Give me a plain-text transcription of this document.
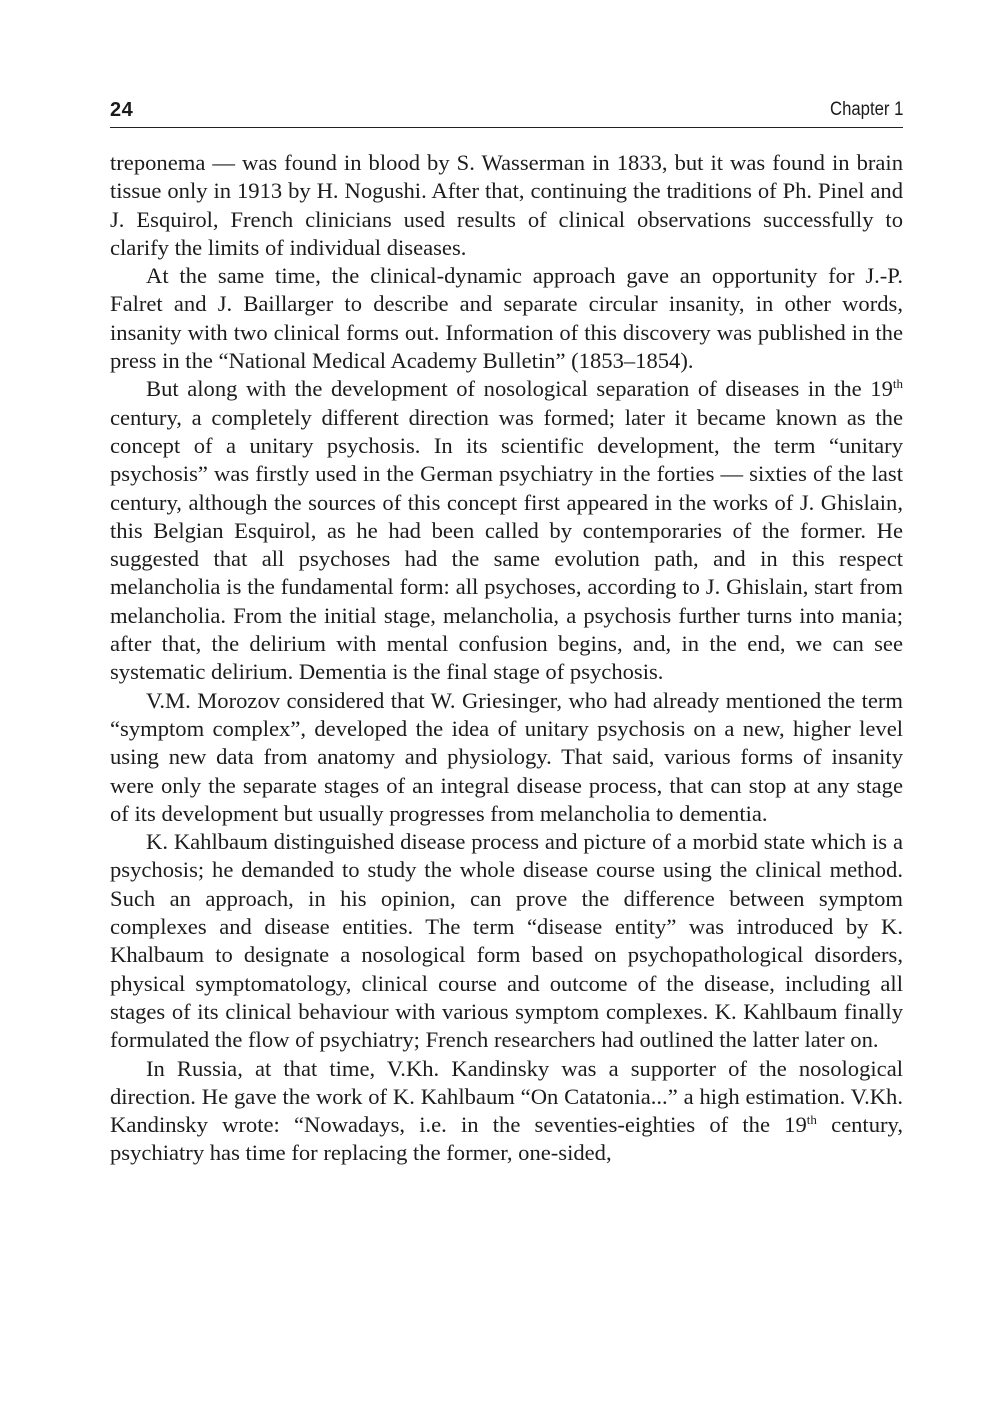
24	Chapter 1

treponema — was found in blood by S. Wasserman in 1833, but it was found in brain tissue only in 1913 by H. Nogushi. After that, continuing the traditions of Ph. Pinel and J. Esquirol, French clinicians used results of clinical observations successfully to clarify the limits of individual diseases.

At the same time, the clinical-dynamic approach gave an opportunity for J.-P. Falret and J. Baillarger to describe and separate circular insanity, in other words, insanity with two clinical forms out. Information of this discovery was published in the press in the “National Medical Academy Bulletin” (1853–1854).

But along with the development of nosological separation of diseases in the 19th century, a completely different direction was formed; later it became known as the concept of a unitary psychosis. In its scientific development, the term “unitary psychosis” was firstly used in the German psychiatry in the forties — sixties of the last century, although the sources of this concept first appeared in the works of J. Ghislain, this Belgian Esquirol, as he had been called by contemporaries of the former. He suggested that all psychoses had the same evolution path, and in this respect melancholia is the fundamental form: all psychoses, according to J. Ghislain, start from melancholia. From the initial stage, melancholia, a psychosis further turns into mania; after that, the delirium with mental confusion begins, and, in the end, we can see systematic delirium. Dementia is the final stage of psychosis.

V.M. Morozov considered that W. Griesinger, who had already mentioned the term “symptom complex”, developed the idea of unitary psychosis on a new, higher level using new data from anatomy and physiology. That said, various forms of insanity were only the separate stages of an integral disease process, that can stop at any stage of its development but usually progresses from melancholia to dementia.

K. Kahlbaum distinguished disease process and picture of a morbid state which is a psychosis; he demanded to study the whole disease course using the clinical method. Such an approach, in his opinion, can prove the difference between symptom complexes and disease entities. The term “disease entity” was introduced by K. Khalbaum to designate a nosological form based on psychopathological disorders, physical symptomatology, clinical course and outcome of the disease, including all stages of its clinical behaviour with various symptom complexes. K. Kahlbaum finally formulated the flow of psychiatry; French researchers had outlined the latter later on.

In Russia, at that time, V.Kh. Kandinsky was a supporter of the nosological direction. He gave the work of K. Kahlbaum “On Catatonia...” a high estimation. V.Kh. Kandinsky wrote: “Nowadays, i.e. in the seventies-eighties of the 19th century, psychiatry has time for replacing the former, one-sided,
